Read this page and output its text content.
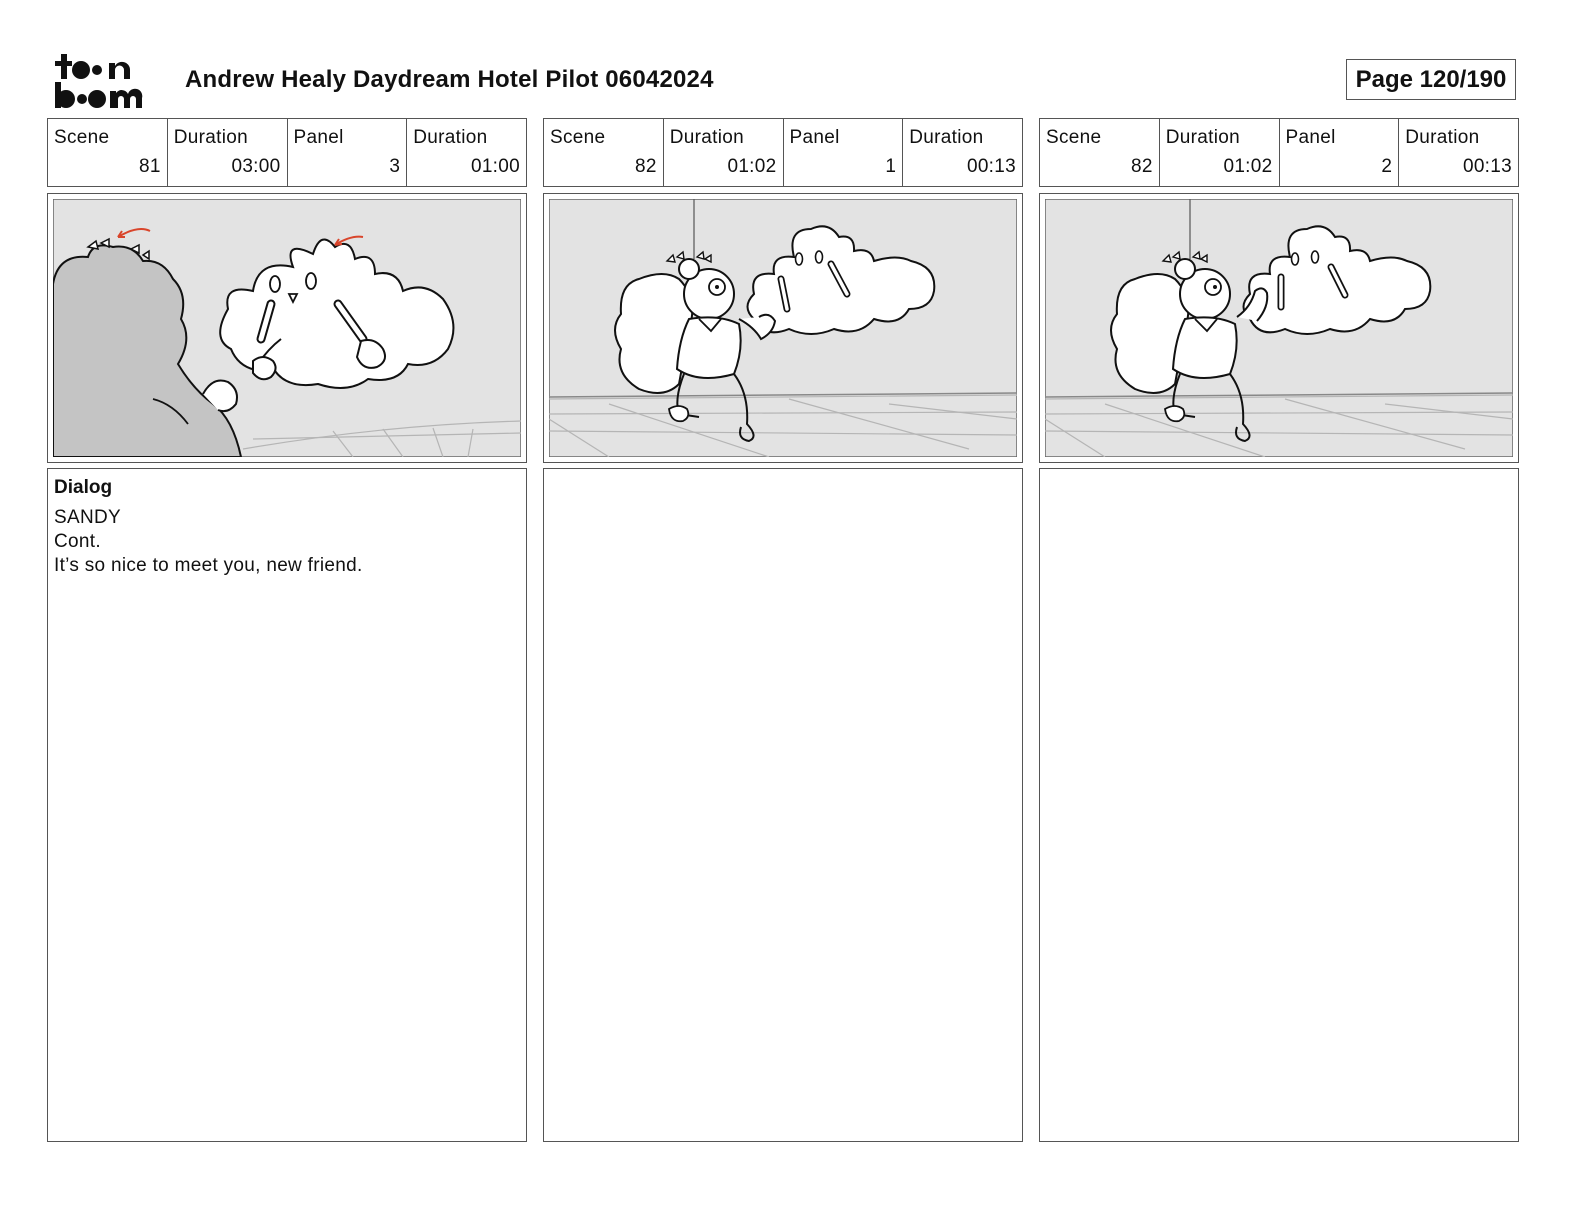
Andrew Healy Daydream Hotel Pilot 06042024	Page 120/190
Scene
81
Duration
03:00
Panel
3
Duration
01:00
Dialog
SANDY
Cont.
It’s so nice to meet you, new friend.
Scene
82
Duration
01:02
Panel
1
Duration
00:13
Scene
82
Duration
01:02
Panel
2
Duration
00:13
